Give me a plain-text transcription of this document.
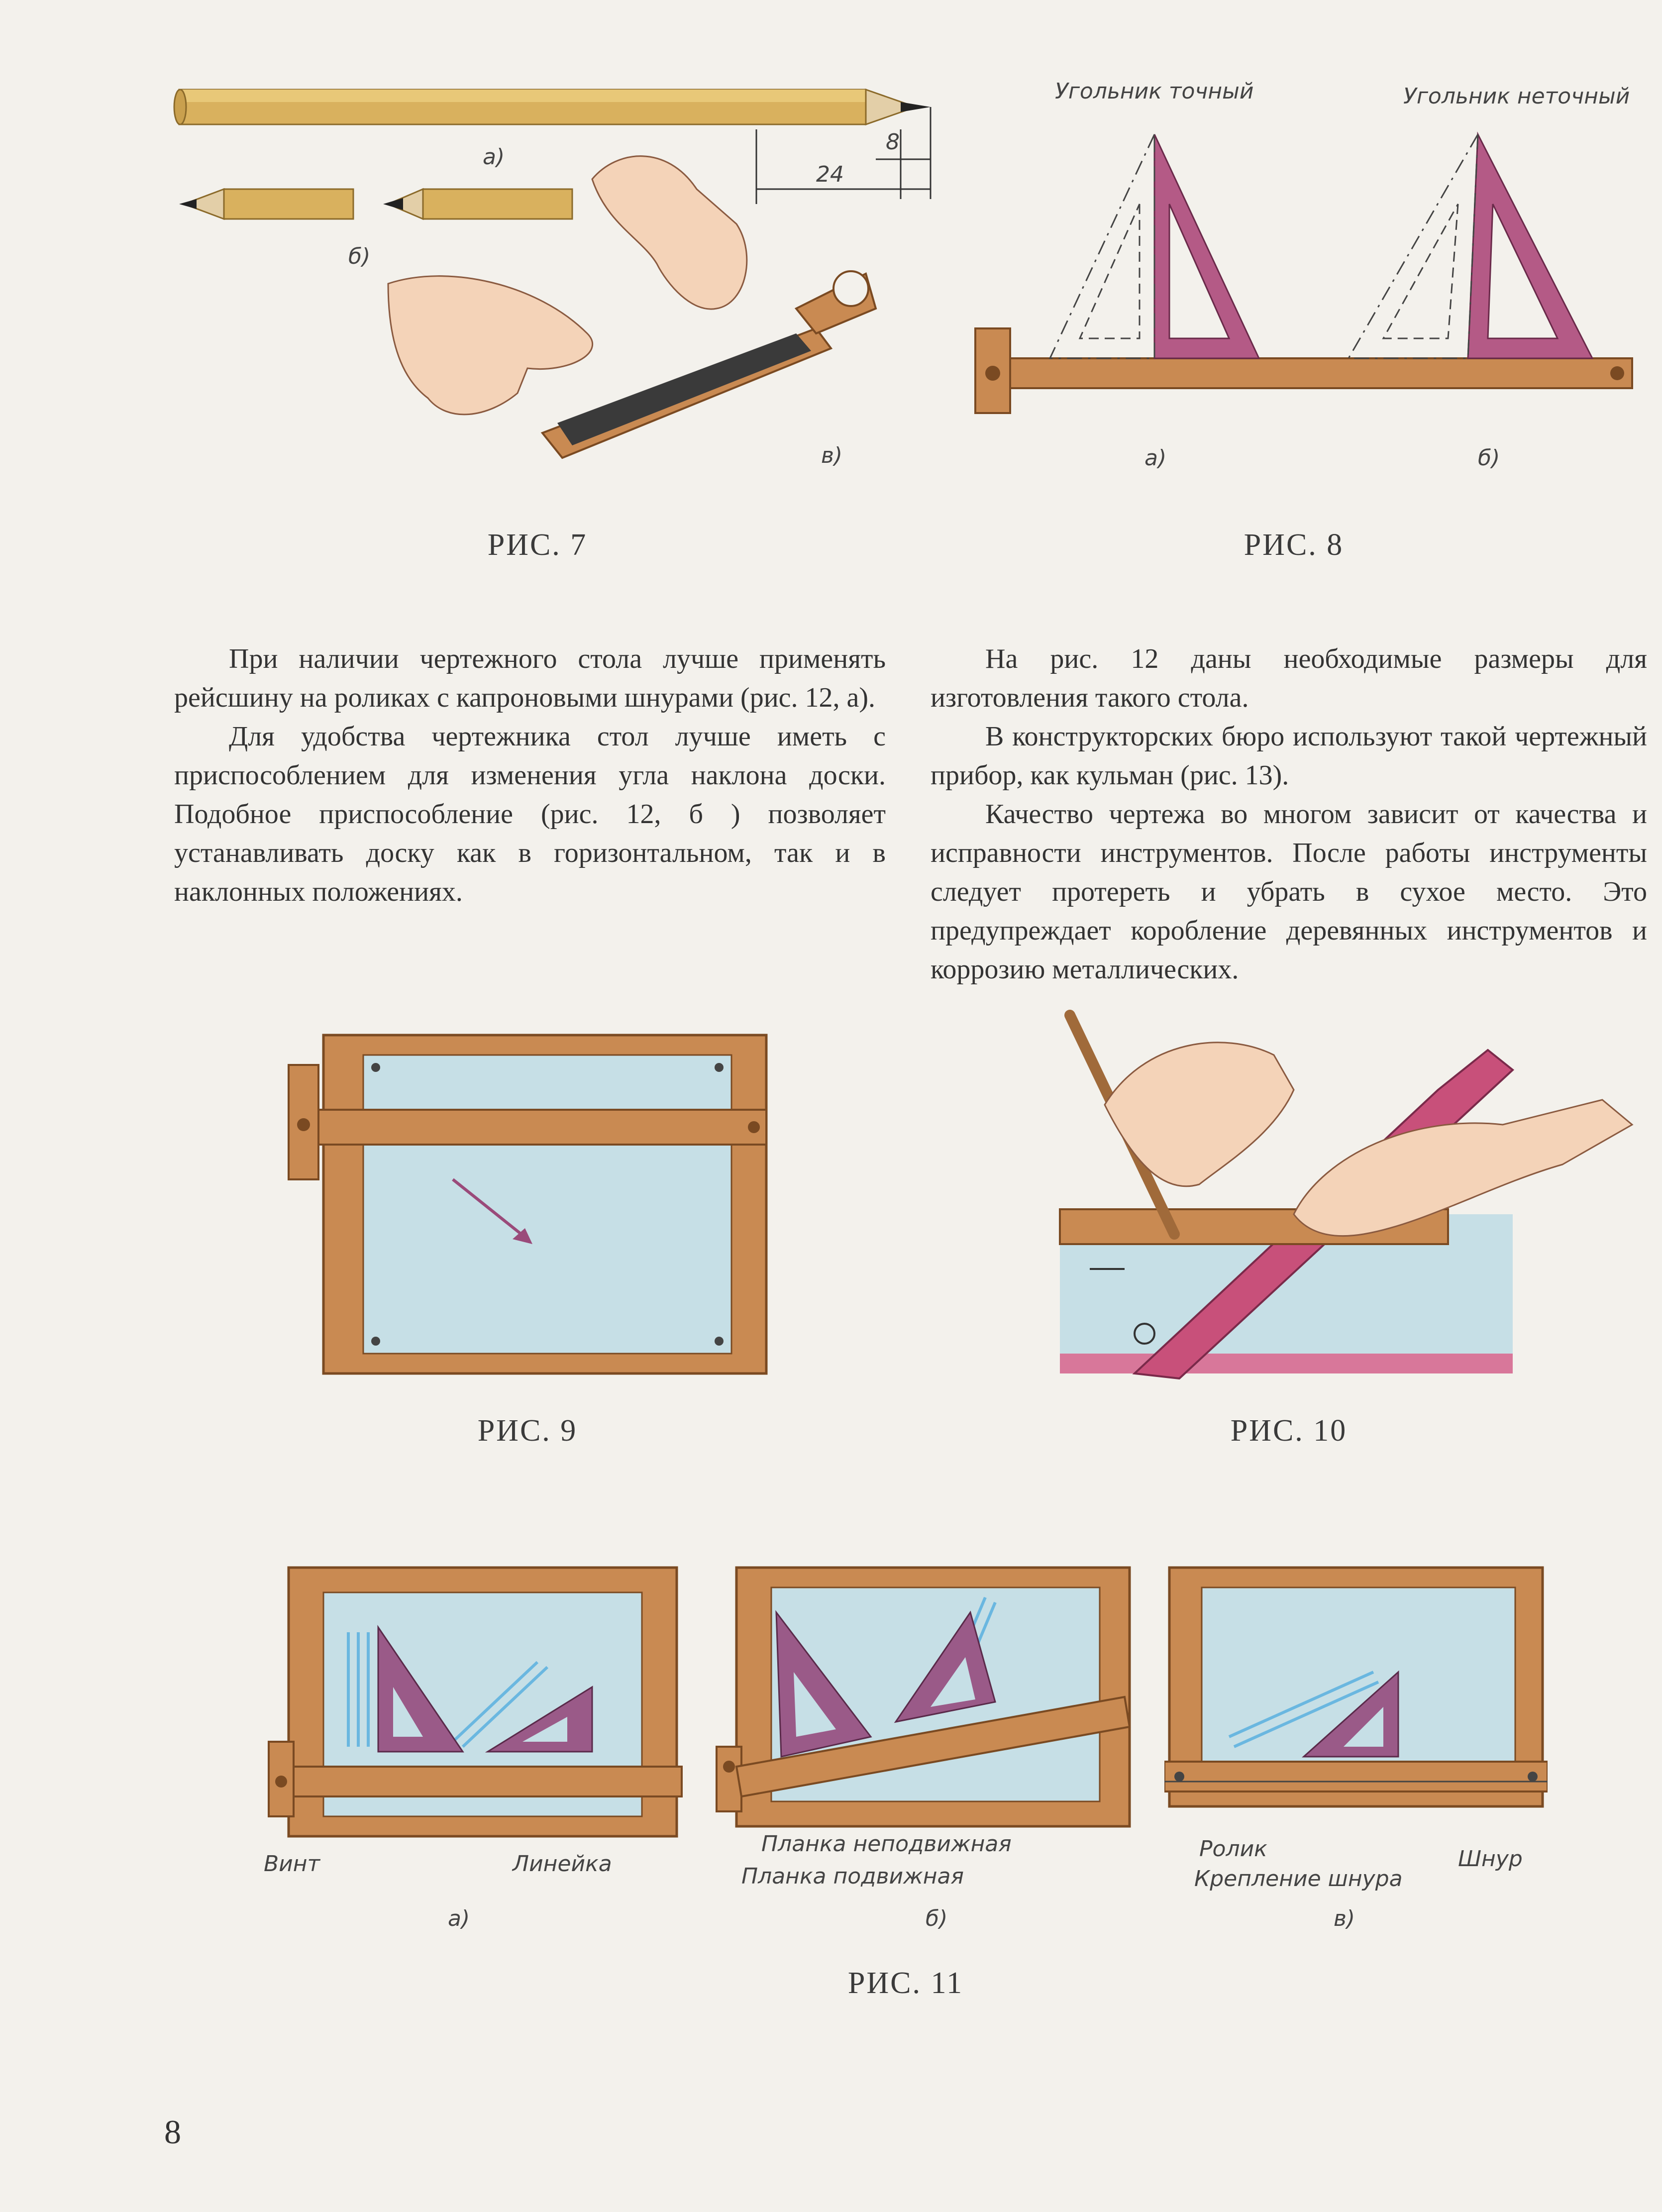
а)
б)
в)
24
8
РИС. 7
Угольник точный	Угольник неточный
а)	б)
РИС. 8

При наличии чертежного стола лучше применять рейсшину на роликах с капроновыми шнурами (рис. 12, а).

Для удобства чертежника стол лучше иметь с приспособлением для изменения угла наклона доски. Подобное приспособление (рис. 12, б ) позволяет устанавливать доску как в горизонтальном, так и в наклонных положениях.

На рис. 12 даны необходимые размеры для изготовления такого стола.

В конструкторских бюро используют такой чертежный прибор, как кульман (рис. 13).

Качество чертежа во многом зависит от качества и исправности инструментов. После работы инструменты следует протереть и убрать в сухое место. Это предупреждает коробление деревянных инструментов и коррозию металлических.

РИС. 9	РИС. 10
Винт	Линейка
а)
Планка неподвижная
Планка подвижная
б)
Ролик
Крепление шнура
Шнур
в)
РИС. 11
8
